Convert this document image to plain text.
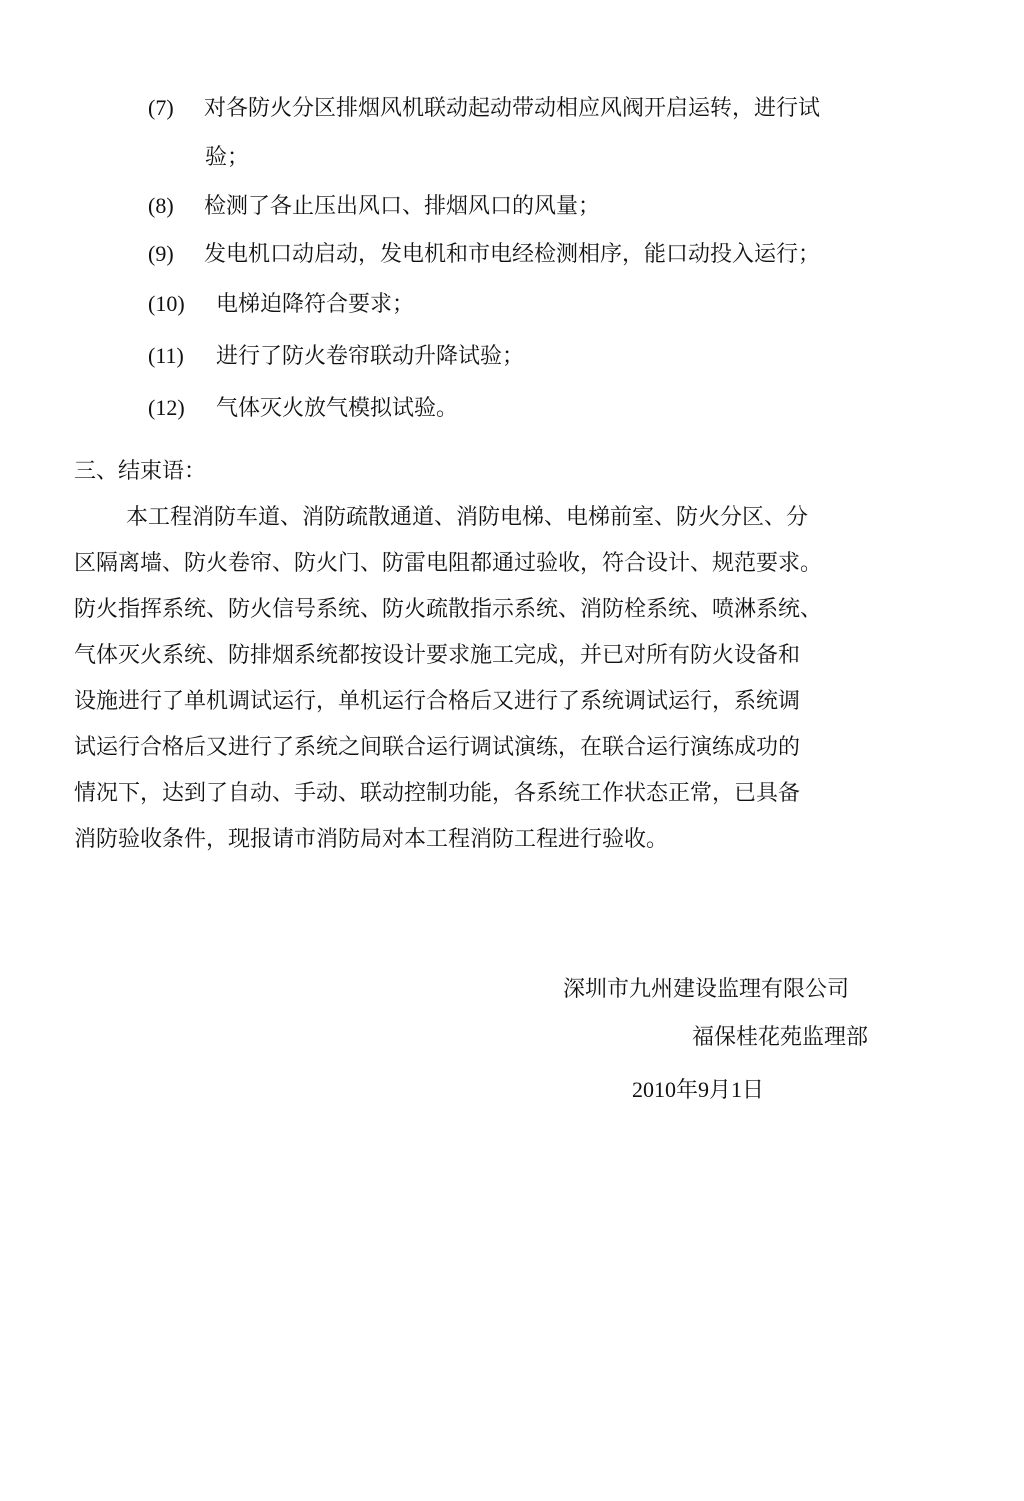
(7) 对各防火分区排烟风机联动起动带动相应风阀开启运转，进行试
验；
(8) 检测了各止压出风口、排烟风口的风量；
(9) 发电机口动启动，发电机和市电经检测相序，能口动投入运行；
(10) 电梯迫降符合要求；
(11) 进行了防火卷帘联动升降试验；
(12) 气体灭火放气模拟试验。
三、结束语：
本工程消防车道、消防疏散通道、消防电梯、电梯前室、防火分区、分
区隔离墙、防火卷帘、防火门、防雷电阻都通过验收，符合设计、规范要求。
防火指挥系统、防火信号系统、防火疏散指示系统、消防栓系统、喷淋系统、
气体灭火系统、防排烟系统都按设计要求施工完成，并已对所有防火设备和
设施进行了单机调试运行，单机运行合格后又进行了系统调试运行，系统调
试运行合格后又进行了系统之间联合运行调试演练，在联合运行演练成功的
情况下，达到了自动、手动、联动控制功能，各系统工作状态正常，已具备
消防验收条件，现报请市消防局对本工程消防工程进行验收。
深圳市九州建设监理有限公司
福保桂花苑监理部
2010年9月1日
